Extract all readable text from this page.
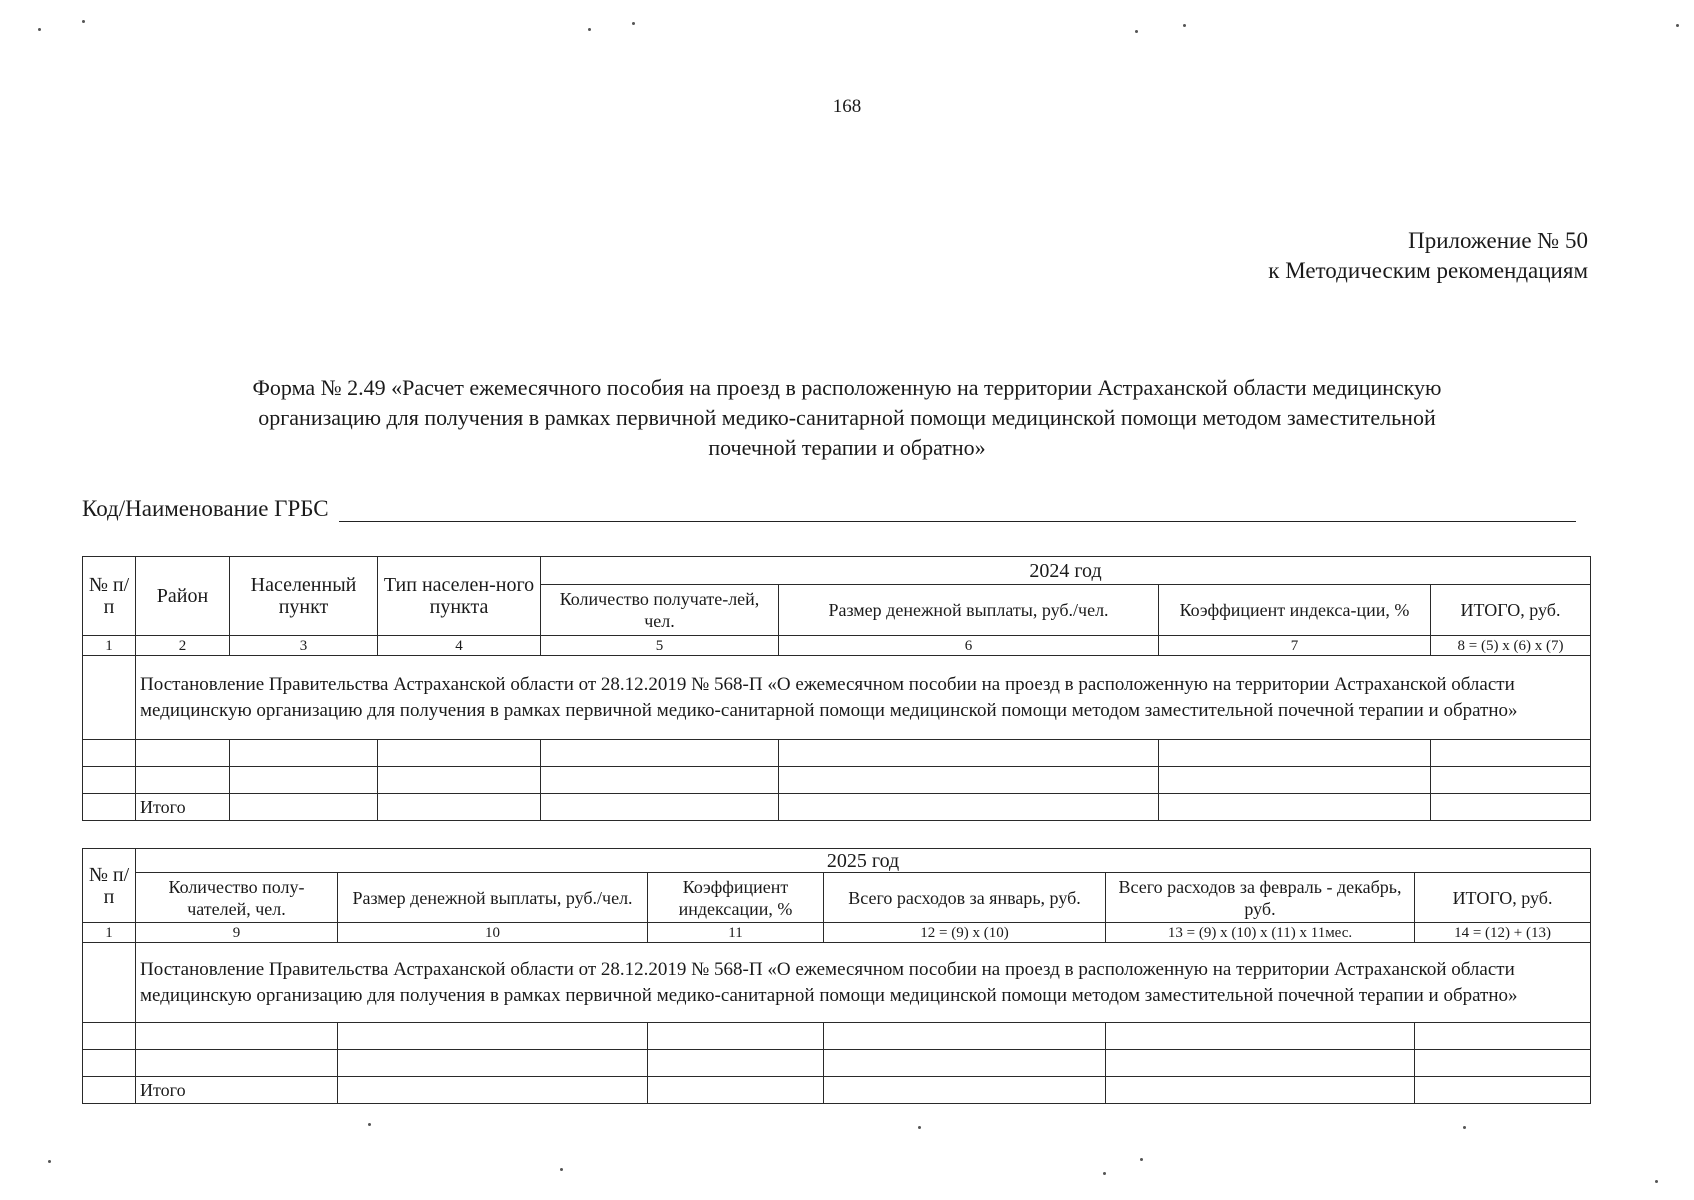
168
Приложение № 50
к Методическим рекомендациям
Форма № 2.49 «Расчет ежемесячного пособия на проезд в расположенную на территории Астраханской области медицинскую
организацию для получения в рамках первичной медико-санитарной помощи медицинской помощи методом заместительной
почечной терапии и обратно»
Код/Наименование ГРБС
№ п/п	Район	Населенный пункт	Тип населен-ного пункта	2024 год			
				Количество получате-лей, чел.	Размер денежной выплаты, руб./чел.	Коэффициент индекса-ции, %	ИТОГО, руб.
1	2	3	4	5	6	7	8 = (5) х (6) х (7)
	Постановление Правительства Астраханской области от 28.12.2019 № 568-П «О ежемесячном пособии на проезд в расположенную на территории Астраханской области медицинскую организацию для получения в рамках первичной медико-санитарной помощи медицинской помощи методом заместительной почечной терапии и обратно»						

	Итого						
№ п/п	2025 год					
	Количество полу-чателей, чел.	Размер денежной выплаты, руб./чел.	Коэффициент индексации, %	Всего расходов за январь, руб.	Всего расходов за февраль - декабрь, руб.	ИТОГО, руб.
1	9	10	11	12 = (9) х (10)	13 = (9) х (10) х (11) х 11мес.	14 = (12) + (13)
	Постановление Правительства Астраханской области от 28.12.2019 № 568-П «О ежемесячном пособии на проезд в расположенную на территории Астраханской области медицинскую организацию для получения в рамках первичной медико-санитарной помощи медицинской помощи методом заместительной почечной терапии и обратно»					

	Итого					
